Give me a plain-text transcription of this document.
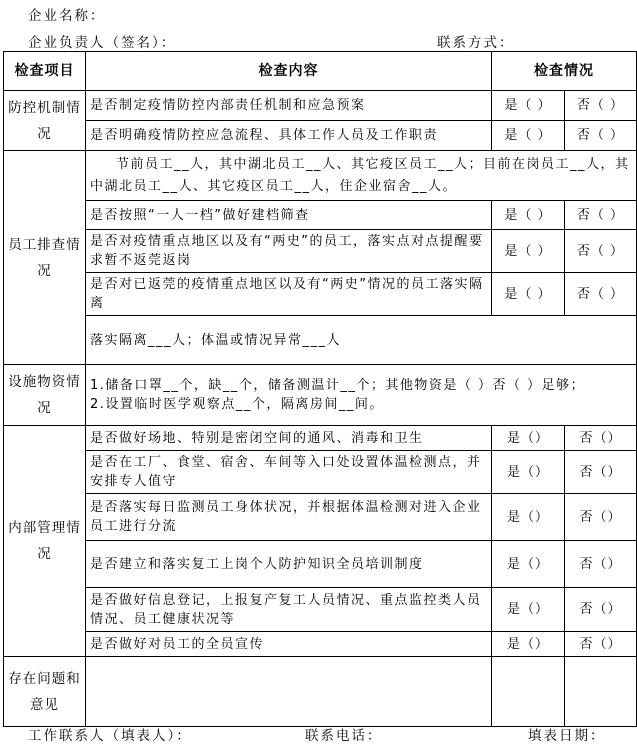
企业名称：
企业负责人（签名）：	联系方式：
检查项目	检查内容	检查情况	
防控机制情况	是否制定疫情防控内部责任机制和应急预案	是（ ）	否（ ）
	是否明确疫情防控应急流程、具体工作人员及工作职责	是（ ）	否（ ）
员工排查情况	节前员工__人，其中湖北员工__人、其它疫区员工__人；目前在岗员工__人，其中湖北员工__人、其它疫区员工__人，住企业宿舍__人。		
	是否按照“一人一档”做好建档筛查	是（ ）	否（ ）
	是否对疫情重点地区以及有“两史”的员工，落实点对点提醒要求暂不返莞返岗	是（ ）	否（ ）
	是否对已返莞的疫情重点地区以及有“两史”情况的员工落实隔离	是（ ）	否（ ）
	落实隔离___人；体温或情况异常___人		
设施物资情况	1.储备口罩__个，缺__个，储备测温计__个；其他物资是（ ）否（ ）足够；
2.设置临时医学观察点__个，隔离房间__间。		

内部管理情况	是否做好场地、特别是密闭空间的通风、消毒和卫生	是（）	否（）
	是否在工厂、食堂、宿舍、车间等入口处设置体温检测点，并安排专人值守	是（）	否（）
	是否落实每日监测员工身体状况，并根据体温检测对进入企业员工进行分流	是（）	否（）
	是否建立和落实复工上岗个人防护知识全员培训制度	是（）	否（）
	是否做好信息登记，上报复产复工人员情况、重点监控类人员情况、员工健康状况等	是（）	否（）
	是否做好对员工的全员宣传	是（）	否（）
存在问题和意见			
工作联系人（填表人）：	联系电话：	填表日期：
